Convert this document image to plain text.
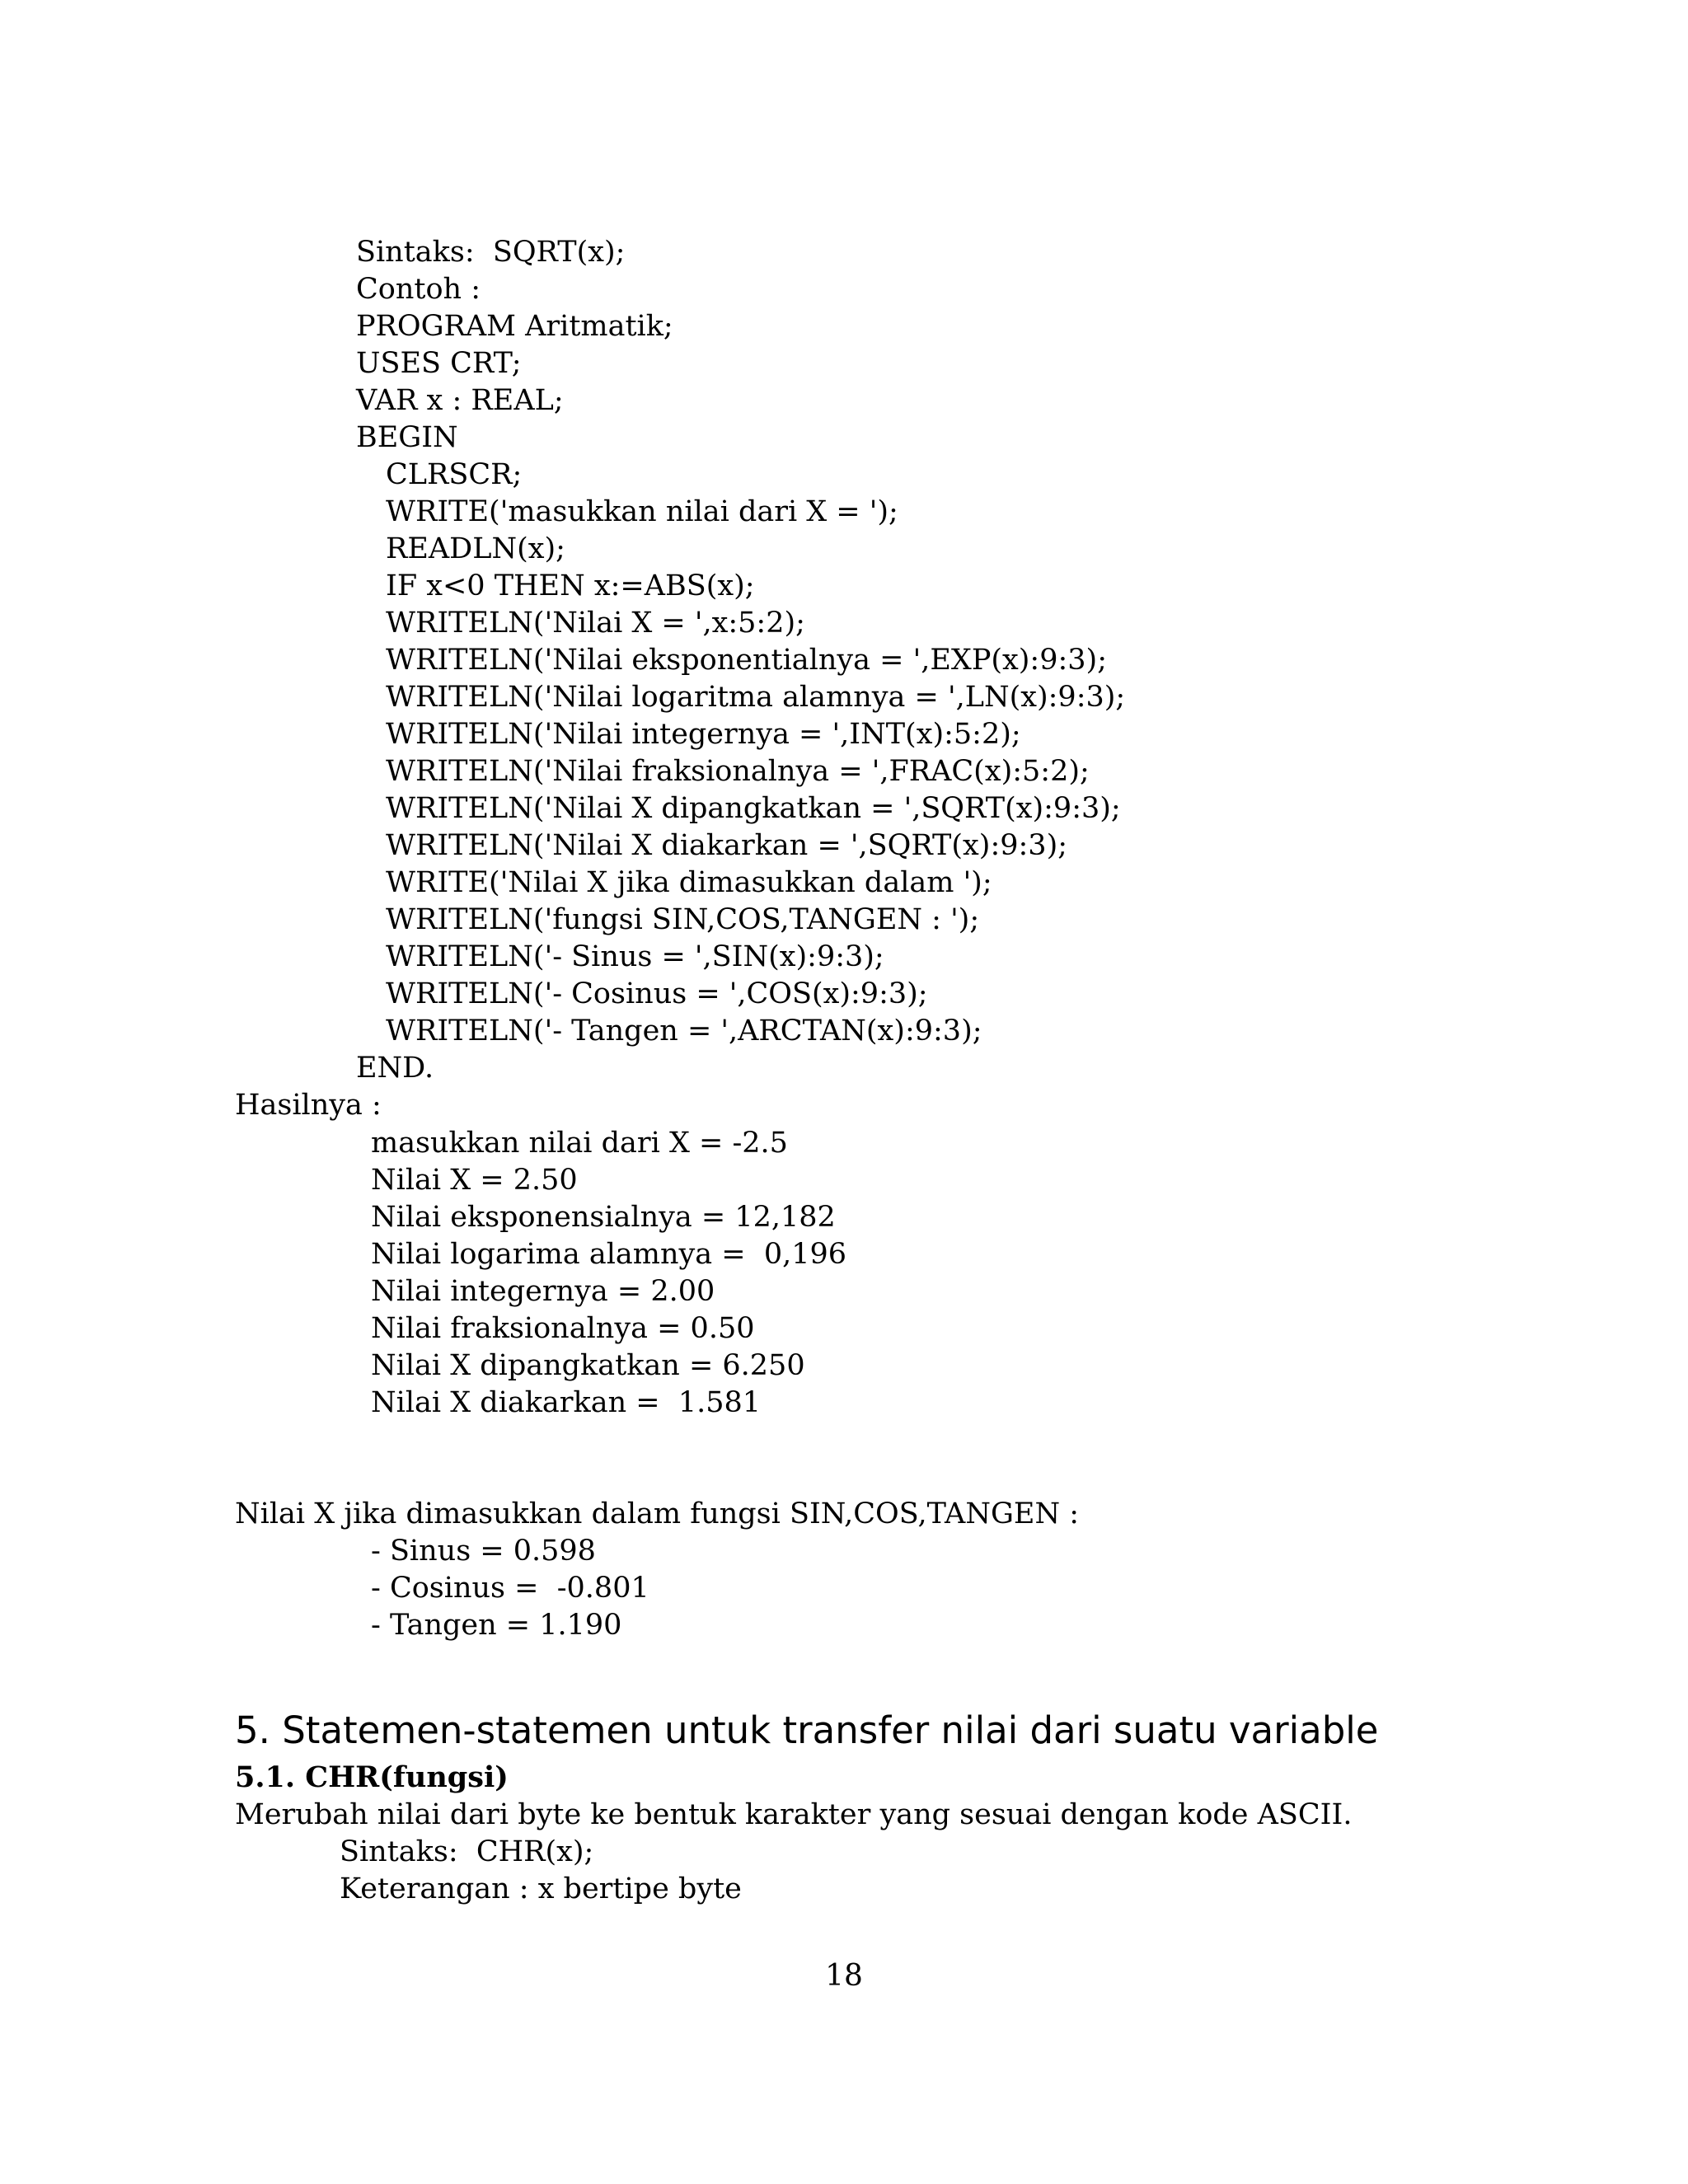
Sintaks:  SQRT(x);
Contoh :
PROGRAM Aritmatik;
USES CRT;
VAR x : REAL;
BEGIN
CLRSCR;
WRITE('masukkan nilai dari X = ');
READLN(x);
IF x<0 THEN x:=ABS(x);
WRITELN('Nilai X = ',x:5:2);
WRITELN('Nilai eksponentialnya = ',EXP(x):9:3);
WRITELN('Nilai logaritma alamnya = ',LN(x):9:3);
WRITELN('Nilai integernya = ',INT(x):5:2);
WRITELN('Nilai fraksionalnya = ',FRAC(x):5:2);
WRITELN('Nilai X dipangkatkan = ',SQRT(x):9:3);
WRITELN('Nilai X diakarkan = ',SQRT(x):9:3);
WRITE('Nilai X jika dimasukkan dalam ');
WRITELN('fungsi SIN,COS,TANGEN : ');
WRITELN('- Sinus = ',SIN(x):9:3);
WRITELN('- Cosinus = ',COS(x):9:3);
WRITELN('- Tangen = ',ARCTAN(x):9:3);
END.
Hasilnya :
masukkan nilai dari X = -2.5
Nilai X = 2.50
Nilai eksponensialnya = 12,182
Nilai logarima alamnya =  0,196
Nilai integernya = 2.00
Nilai fraksionalnya = 0.50
Nilai X dipangkatkan = 6.250
Nilai X diakarkan =  1.581
Nilai X jika dimasukkan dalam fungsi SIN,COS,TANGEN :
- Sinus = 0.598
- Cosinus =  -0.801
- Tangen = 1.190
5. Statemen-statemen untuk transfer nilai dari suatu variable
5.1. CHR(fungsi)
Merubah nilai dari byte ke bentuk karakter yang sesuai dengan kode ASCII.
Sintaks:  CHR(x);
Keterangan : x bertipe byte
18
